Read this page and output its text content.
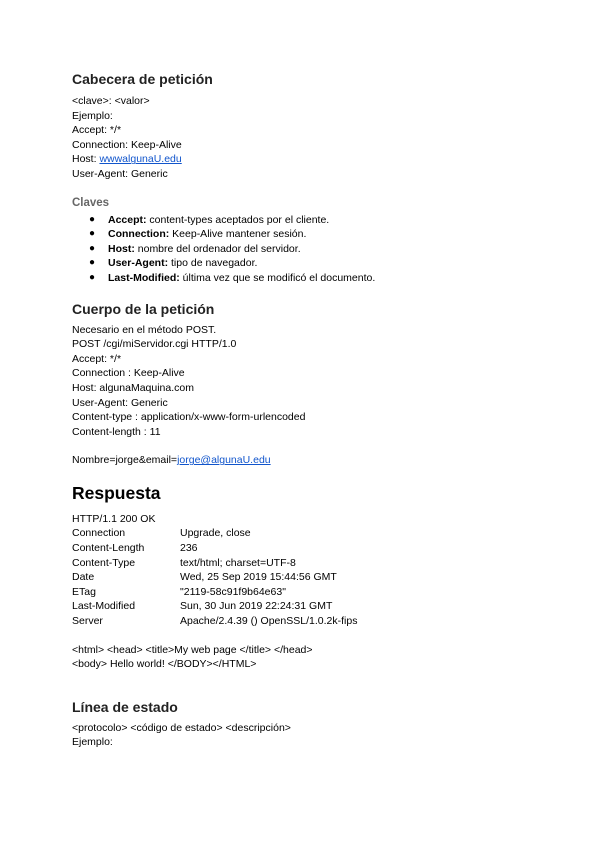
Cabecera de petición
<clave>: <valor>
Ejemplo:
Accept: */*
Connection: Keep-Alive
Host: wwwalgunaU.edu
User-Agent: Generic
Claves
● Accept: content-types aceptados por el cliente.
● Connection: Keep-Alive mantener sesión.
● Host: nombre del ordenador del servidor.
● User-Agent: tipo de navegador.
● Last-Modified: última vez que se modificó el documento.
Cuerpo de la petición
Necesario en el método POST.
POST /cgi/miServidor.cgi HTTP/1.0
Accept: */*
Connection : Keep-Alive
Host: algunaMaquina.com
User-Agent: Generic
Content-type : application/x-www-form-urlencoded
Content-length : 11
Nombre=jorge&email=jorge@algunaU.edu
Respuesta
HTTP/1.1 200 OK
Connection	Upgrade, close
Content-Length	236
Content-Type	text/html; charset=UTF-8
Date	Wed, 25 Sep 2019 15:44:56 GMT
ETag	"2119-58c91f9b64e63"
Last-Modified	Sun, 30 Jun 2019 22:24:31 GMT
Server	Apache/2.4.39 () OpenSSL/1.0.2k-fips
<html> <head> <title>My web page </title> </head>
<body> Hello world! </BODY></HTML>
Línea de estado
<protocolo> <código de estado> <descripción>
Ejemplo:
